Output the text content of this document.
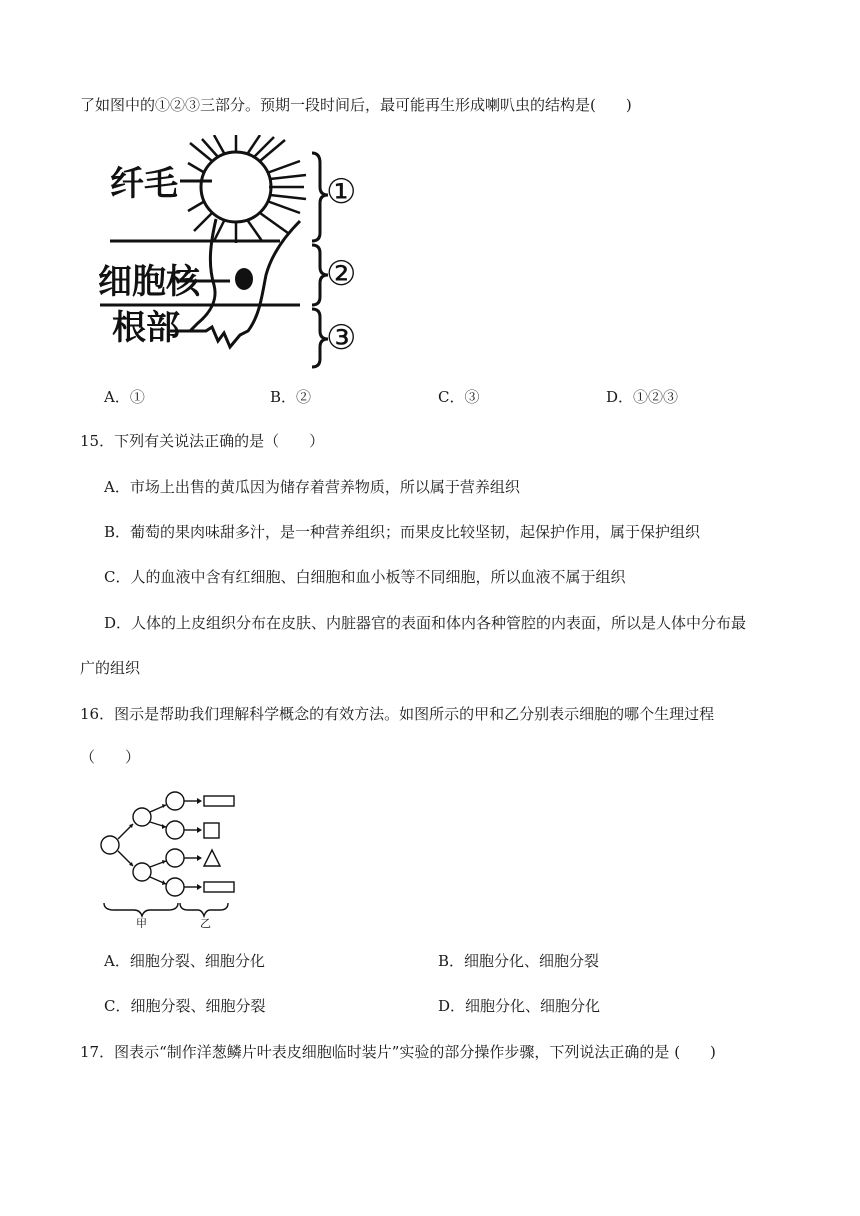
了如图中的①②③三部分。预期一段时间后，最可能再生形成喇叭虫的结构是(　　)
纤毛
细胞核
根部
①
②
③
A．①	B．②	C．③	D．①②③
15．下列有关说法正确的是（　　）
A．市场上出售的黄瓜因为储存着营养物质，所以属于营养组织
B．葡萄的果肉味甜多汁，是一种营养组织；而果皮比较坚韧，起保护作用，属于保护组织
C．人的血液中含有红细胞、白细胞和血小板等不同细胞，所以血液不属于组织
D．人体的上皮组织分布在皮肤、内脏器官的表面和体内各种管腔的内表面，所以是人体中分布最
广的组织
16．图示是帮助我们理解科学概念的有效方法。如图所示的甲和乙分别表示细胞的哪个生理过程
（　　）
甲	乙
A．细胞分裂、细胞分化	B．细胞分化、细胞分裂
C．细胞分裂、细胞分裂	D．细胞分化、细胞分化
17．图表示“制作洋葱鳞片叶表皮细胞临时装片”实验的部分操作步骤，下列说法正确的是 (　　)
